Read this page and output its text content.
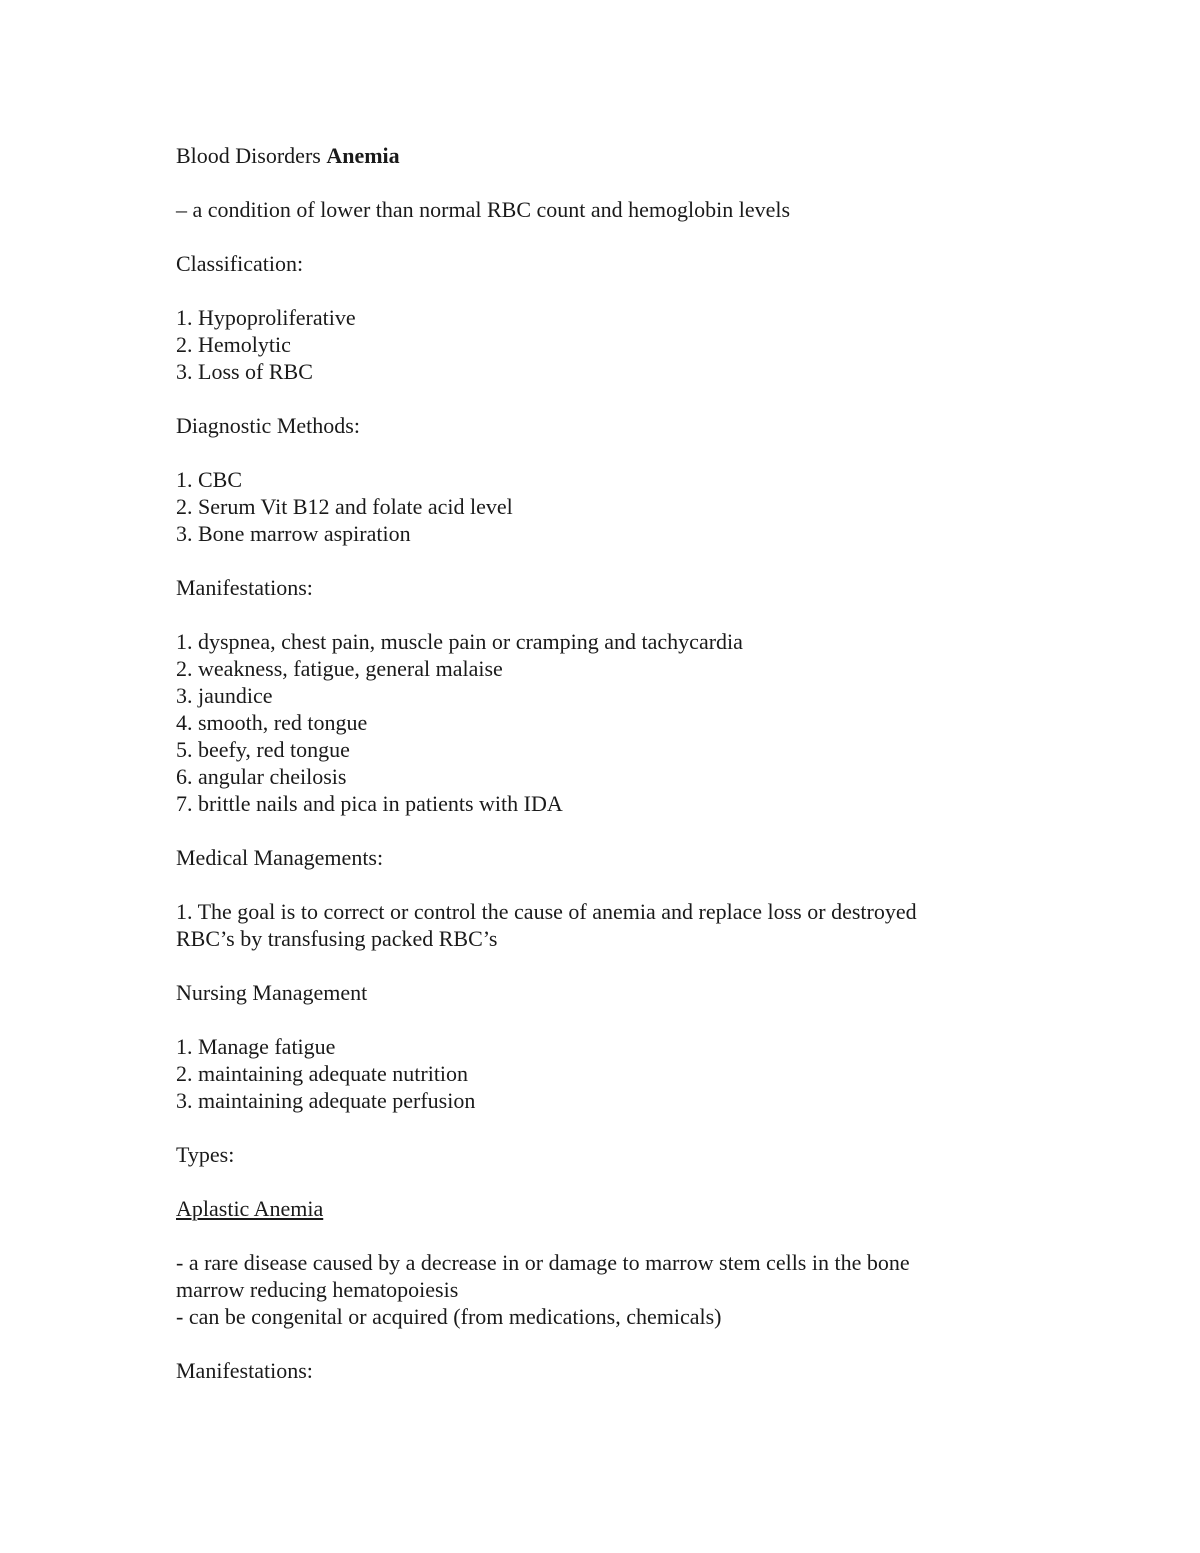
Blood Disorders Anemia
– a condition of lower than normal RBC count and hemoglobin levels
Classification:
1. Hypoproliferative
2. Hemolytic
3. Loss of RBC
Diagnostic Methods:
1. CBC
2. Serum Vit B12 and folate acid level
3. Bone marrow aspiration
Manifestations:
1. dyspnea, chest pain, muscle pain or cramping and tachycardia
2. weakness, fatigue, general malaise
3. jaundice
4. smooth, red tongue
5. beefy, red tongue
6. angular cheilosis
7. brittle nails and pica in patients with IDA
Medical Managements:
1. The goal is to correct or control the cause of anemia and replace loss or destroyed
RBC’s by transfusing packed RBC’s
Nursing Management
1. Manage fatigue
2. maintaining adequate nutrition
3. maintaining adequate perfusion
Types:
Aplastic Anemia
- a rare disease caused by a decrease in or damage to marrow stem cells in the bone
marrow reducing hematopoiesis
- can be congenital or acquired (from medications, chemicals)
Manifestations:
